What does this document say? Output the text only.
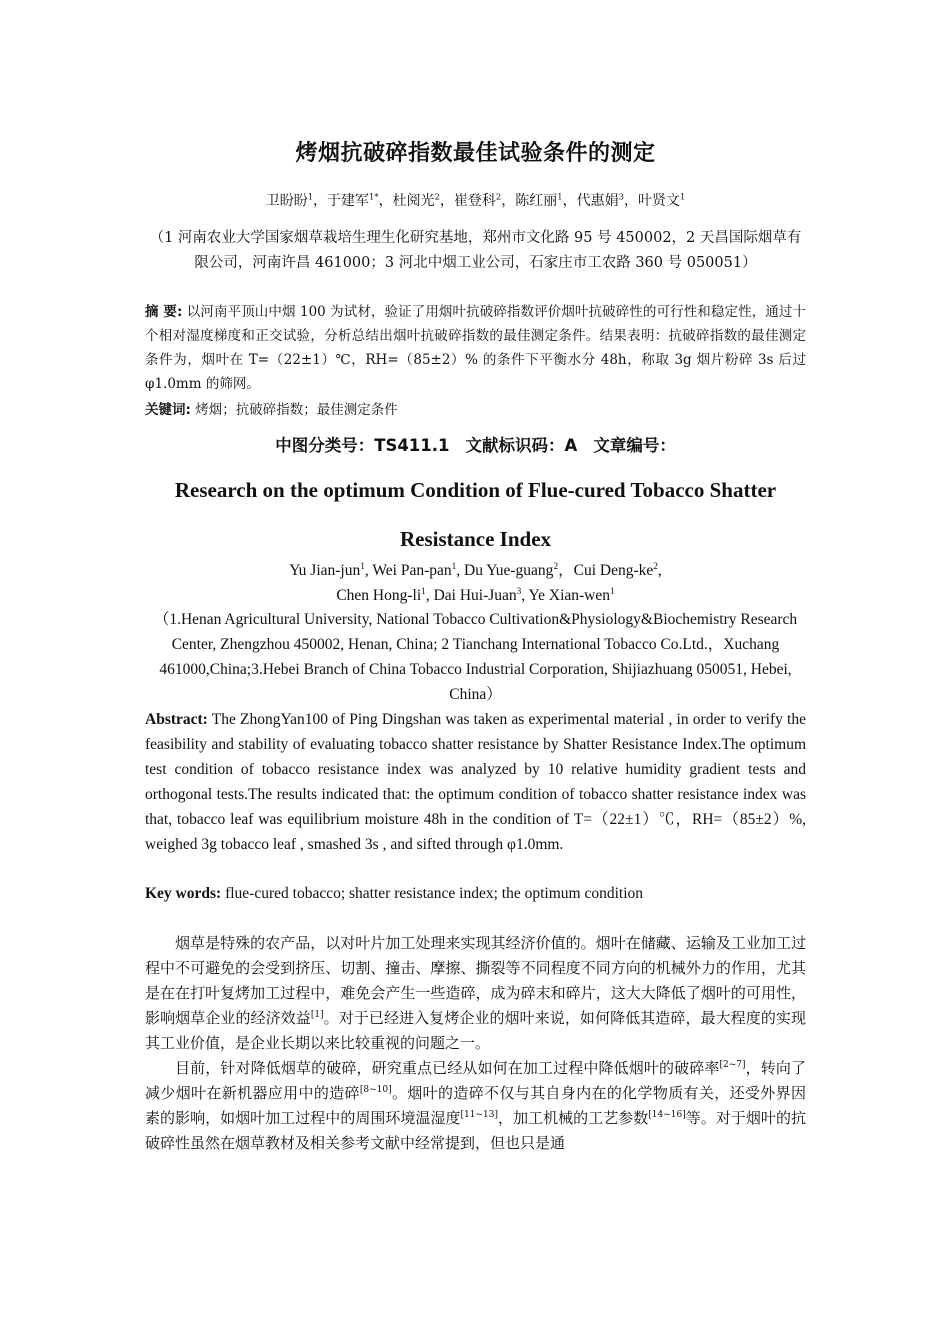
烤烟抗破碎指数最佳试验条件的测定
卫盼盼$^1$，于建军$^{1*}$，杜阅光$^2$，崔登科$^2$，陈红丽$^1$，代惠娟$^3$，叶贤文$^1$
（1 河南农业大学国家烟草栽培生理生化研究基地，郑州市文化路 95 号 450002，2 天昌国际烟草有限公司，河南许昌 461000；3 河北中烟工业公司，石家庄市工农路 360 号 050051）
摘 要: 以河南平顶山中烟 100 为试材，验证了用烟叶抗破碎指数评价烟叶抗破碎性的可行性和稳定性，通过十个相对湿度梯度和正交试验，分析总结出烟叶抗破碎指数的最佳测定条件。结果表明：抗破碎指数的最佳测定条件为，烟叶在 T=（22±1）℃，RH=（85±2）% 的条件下平衡水分 48h，称取 3g 烟片粉碎 3s 后过 φ1.0mm 的筛网。
关键词: 烤烟；抗破碎指数；最佳测定条件
中图分类号：TS411.1 文献标识码：A 文章编号：
Research on the optimum Condition of Flue-cured Tobacco Shatter Resistance Index
Yu Jian-jun$^1$, Wei Pan-pan$^1$, Du Yue-guang$^2$，Cui Deng-$ke^2$,
Chen Hong-$li^1$, Dai Hui-Juan$^3$, Ye Xian-wen$^1$
（1.Henan Agricultural University, National Tobacco Cultivation&Physiology&Biochemistry Research Center, Zhengzhou 450002, Henan, China; 2 Tianchang International Tobacco Co.Ltd.，Xuchang 461000,China;3.Hebei Branch of China Tobacco Industrial Corporation, Shijiazhuang 050051, Hebei, China）
Abstract: The ZhongYan100 of Ping Dingshan was taken as experimental material , in order to verify the feasibility and stability of evaluating tobacco shatter resistance by Shatter Resistance Index.The optimum test condition of tobacco resistance index was analyzed by 10 relative humidity gradient tests and orthogonal tests.The results indicated that: the optimum condition of tobacco shatter resistance index was that, tobacco leaf was equilibrium moisture 48h in the condition of T=（22±1）℃，RH=（85±2）%, weighed 3g tobacco leaf , smashed 3s , and sifted through φ1.0mm.
Key words: flue-cured tobacco; shatter resistance index; the optimum condition

烟草是特殊的农产品，以对叶片加工处理来实现其经济价值的。烟叶在储藏、运输及工业加工过程中不可避免的会受到挤压、切割、撞击、摩擦、撕裂等不同程度不同方向的机械外力的作用，尤其是在在打叶复烤加工过程中，难免会产生一些造碎，成为碎末和碎片，这大大降低了烟叶的可用性，影响烟草企业的经济效益[1]。对于已经进入复烤企业的烟叶来说，如何降低其造碎，最大程度的实现其工业价值，是企业长期以来比较重视的问题之一。

目前，针对降低烟草的破碎，研究重点已经从如何在加工过程中降低烟叶的破碎率[2~7]，转向了减少烟叶在新机器应用中的造碎[8~10]。烟叶的造碎不仅与其自身内在的化学物质有关，还受外界因素的影响，如烟叶加工过程中的周围环境温湿度[11~13]，加工机械的工艺参数[14~16]等。对于烟叶的抗破碎性虽然在烟草教材及相关参考文献中经常提到，但也只是通
